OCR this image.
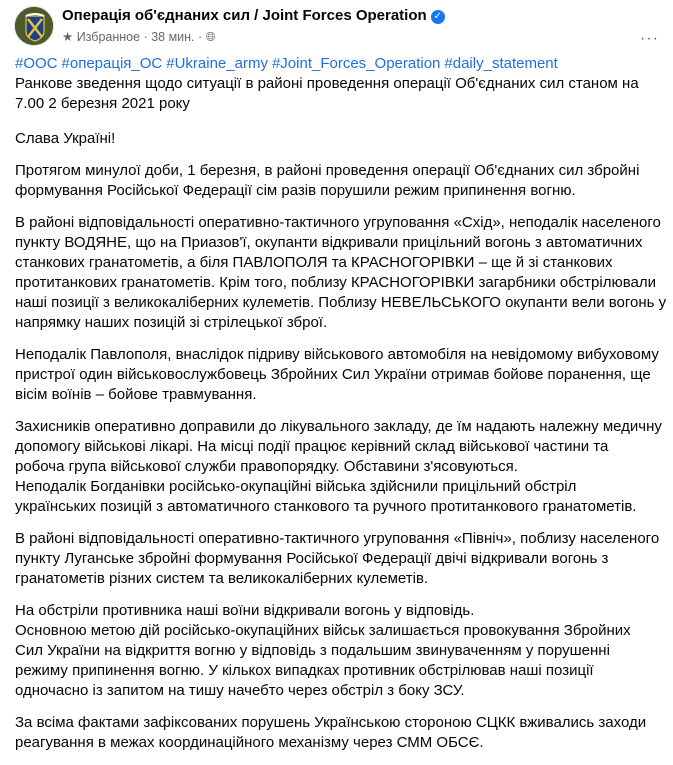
Операція об'єднаних сил / Joint Forces Operation ✓
★ Избранное · 38 мин. · 🌐︎	···
#ООС #операція_ОС #Ukraine_army #Joint_Forces_Operation #daily_statement
Ранкове зведення щодо ситуації в районі проведення операції Об'єднаних сил станом на
7.00 2 березня 2021 року
Слава Україні!
Протягом минулої доби, 1 березня, в районі проведення операції Об'єднаних сил збройні
формування Російської Федерації сім разів порушили режим припинення вогню.
В районі відповідальності оперативно-тактичного угруповання «Схід», неподалік населеного
пункту ВОДЯНЕ, що на Приазов'ї, окупанти відкривали прицільний вогонь з автоматичних
станкових гранатометів, а біля ПАВЛОПОЛЯ та КРАСНОГОРІВКИ – ще й зі станкових
протитанкових гранатометів. Крім того, поблизу КРАСНОГОРІВКИ загарбники обстрілювали
наші позиції з великокаліберних кулеметів. Поблизу НЕВЕЛЬСЬКОГО окупанти вели вогонь у
напрямку наших позицій зі стрілецької зброї.
Неподалік Павлополя, внаслідок підриву військового автомобіля на невідомому вибуховому
пристрої один військовослужбовець Збройних Сил України отримав бойове поранення, ще
вісім воїнів – бойове травмування.
Захисників оперативно доправили до лікувального закладу, де їм надають належну медичну
допомогу військові лікарі. На місці події працює керівний склад військової частини та
робоча група військової служби правопорядку. Обставини з'ясовуються.
Неподалік Богданівки російсько-окупаційні війська здійснили прицільний обстріл
українських позицій з автоматичного станкового та ручного протитанкового гранатометів.
В районі відповідальності оперативно-тактичного угруповання «Північ», поблизу населеного
пункту Луганське збройні формування Російської Федерації двічі відкривали вогонь з
гранатометів різних систем та великокаліберних кулеметів.
На обстріли противника наші воїни відкривали вогонь у відповідь.
Основною метою дій російсько-окупаційних військ залишається провокування Збройних
Сил України на відкриття вогню у відповідь з подальшим звинуваченням у порушенні
режиму припинення вогню. У кількох випадках противник обстрілював наші позиції
одночасно із запитом на тишу начебто через обстріл з боку ЗСУ.
За всіма фактами зафіксованих порушень Українською стороною СЦКК вживались заходи
реагування в межах координаційного механізму через СММ ОБСЄ.
